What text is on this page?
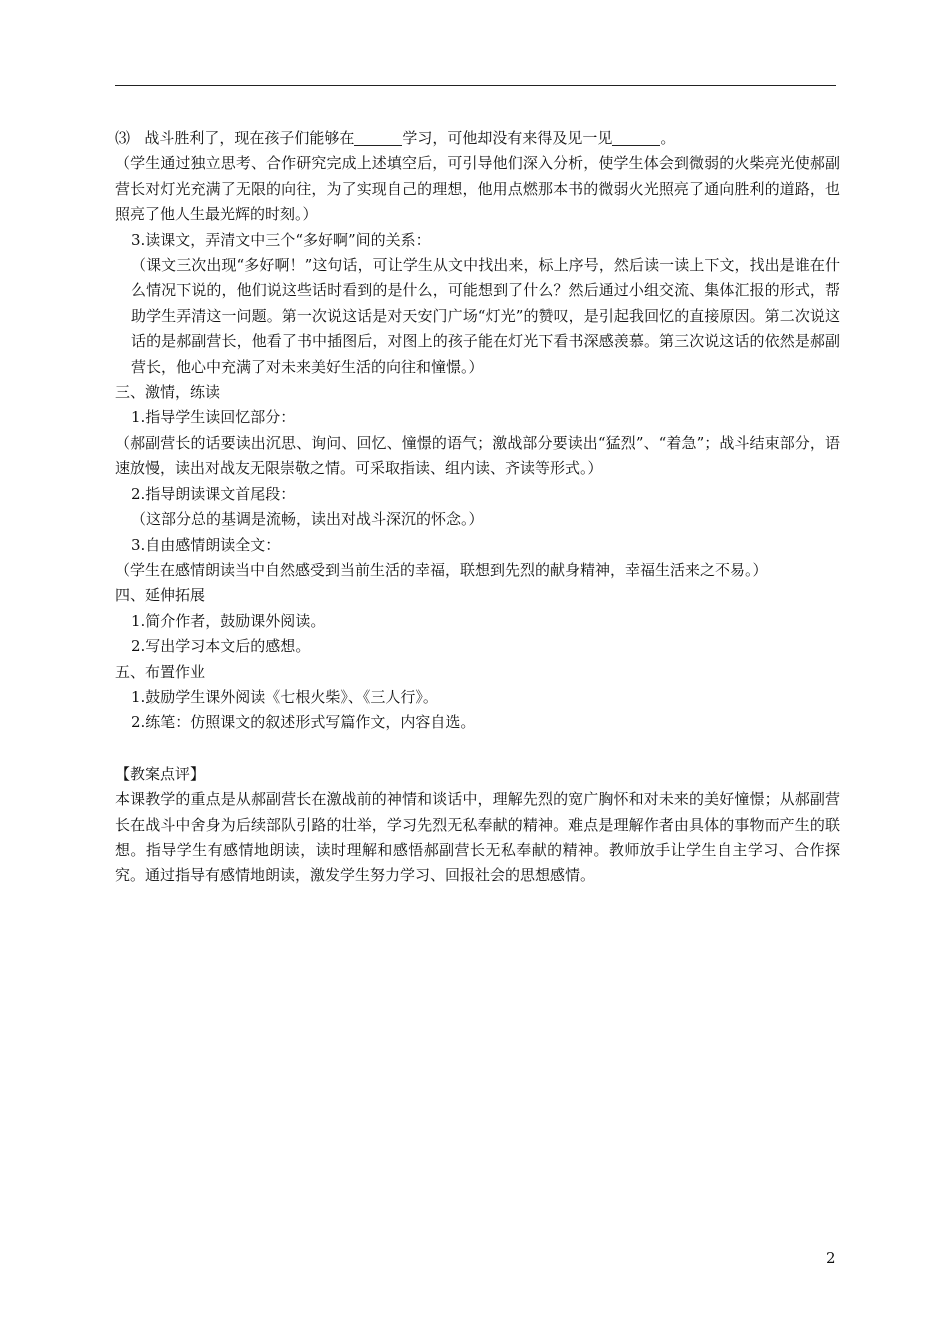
⑶ 战斗胜利了，现在孩子们能够在	学习，可他却没有来得及见一见	。

（学生通过独立思考、合作研究完成上述填空后，可引导他们深入分析，使学生体会到微弱的火柴亮光使郝副营长对灯光充满了无限的向往，为了实现自己的理想，他用点燃那本书的微弱火光照亮了通向胜利的道路，也照亮了他人生最光辉的时刻。）

3.读课文，弄清文中三个“多好啊”间的关系：

（课文三次出现“多好啊！”这句话，可让学生从文中找出来，标上序号，然后读一读上下文，找出是谁在什么情况下说的，他们说这些话时看到的是什么，可能想到了什么？然后通过小组交流、集体汇报的形式，帮助学生弄清这一问题。第一次说这话是对天安门广场“灯光”的赞叹，是引起我回忆的直接原因。第二次说这话的是郝副营长，他看了书中插图后，对图上的孩子能在灯光下看书深感羡慕。第三次说这话的依然是郝副营长，他心中充满了对未来美好生活的向往和憧憬。）

三、激情，练读

1.指导学生读回忆部分：

（郝副营长的话要读出沉思、询问、回忆、憧憬的语气；激战部分要读出“猛烈”、“着急”；战斗结束部分，语速放慢，读出对战友无限崇敬之情。可采取指读、组内读、齐读等形式。）

2.指导朗读课文首尾段：

（这部分总的基调是流畅，读出对战斗深沉的怀念。）

3.自由感情朗读全文：

（学生在感情朗读当中自然感受到当前生活的幸福，联想到先烈的献身精神，幸福生活来之不易。）

四、延伸拓展

1.简介作者，鼓励课外阅读。

2.写出学习本文后的感想。

五、布置作业

1.鼓励学生课外阅读《七根火柴》、《三人行》。

2.练笔：仿照课文的叙述形式写篇作文，内容自选。

【教案点评】

本课教学的重点是从郝副营长在激战前的神情和谈话中，理解先烈的宽广胸怀和对未来的美好憧憬；从郝副营长在战斗中舍身为后续部队引路的壮举，学习先烈无私奉献的精神。难点是理解作者由具体的事物而产生的联想。指导学生有感情地朗读，读时理解和感悟郝副营长无私奉献的精神。教师放手让学生自主学习、合作探究。通过指导有感情地朗读，激发学生努力学习、回报社会的思想感情。

2
